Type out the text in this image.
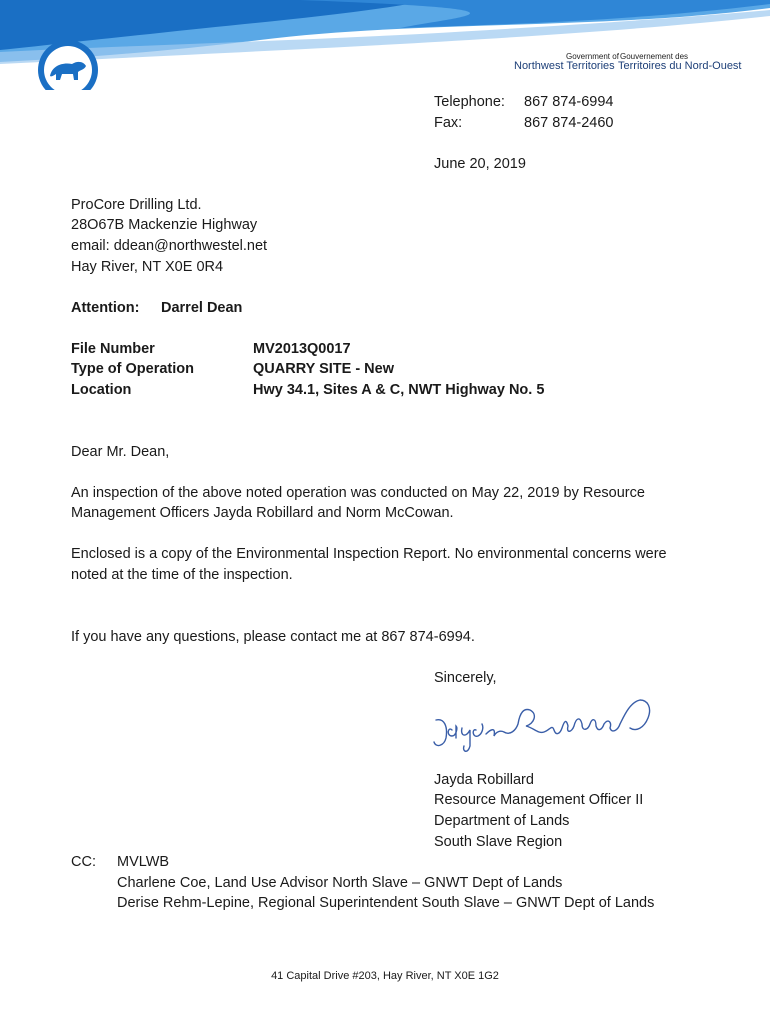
Government of
Northwest Territories
Gouvernement des
Territoires du Nord-Ouest
Telephone: 867 874-6994
Fax:	867 874-2460
June 20, 2019
ProCore Drilling Ltd.
28O67B Mackenzie Highway
email: ddean@northwestel.net
Hay River, NT X0E 0R4
Attention: Darrel Dean
File Number	MV2013Q0017
Type of Operation	QUARRY SITE - New
Location	Hwy 34.1, Sites A & C, NWT Highway No. 5
Dear Mr. Dean,
An inspection of the above noted operation was conducted on May 22, 2019 by Resource
Management Officers Jayda Robillard and Norm McCowan.
Enclosed is a copy of the Environmental Inspection Report. No environmental concerns were
noted at the time of the inspection.
If you have any questions, please contact me at 867 874-6994.
Sincerely,
Jayda Robillard
Resource Management Officer II
Department of Lands
South Slave Region
CC: MVLWB
Charlene Coe, Land Use Advisor North Slave – GNWT Dept of Lands
Derise Rehm-Lepine, Regional Superintendent South Slave – GNWT Dept of Lands
41 Capital Drive #203, Hay River, NT X0E 1G2
